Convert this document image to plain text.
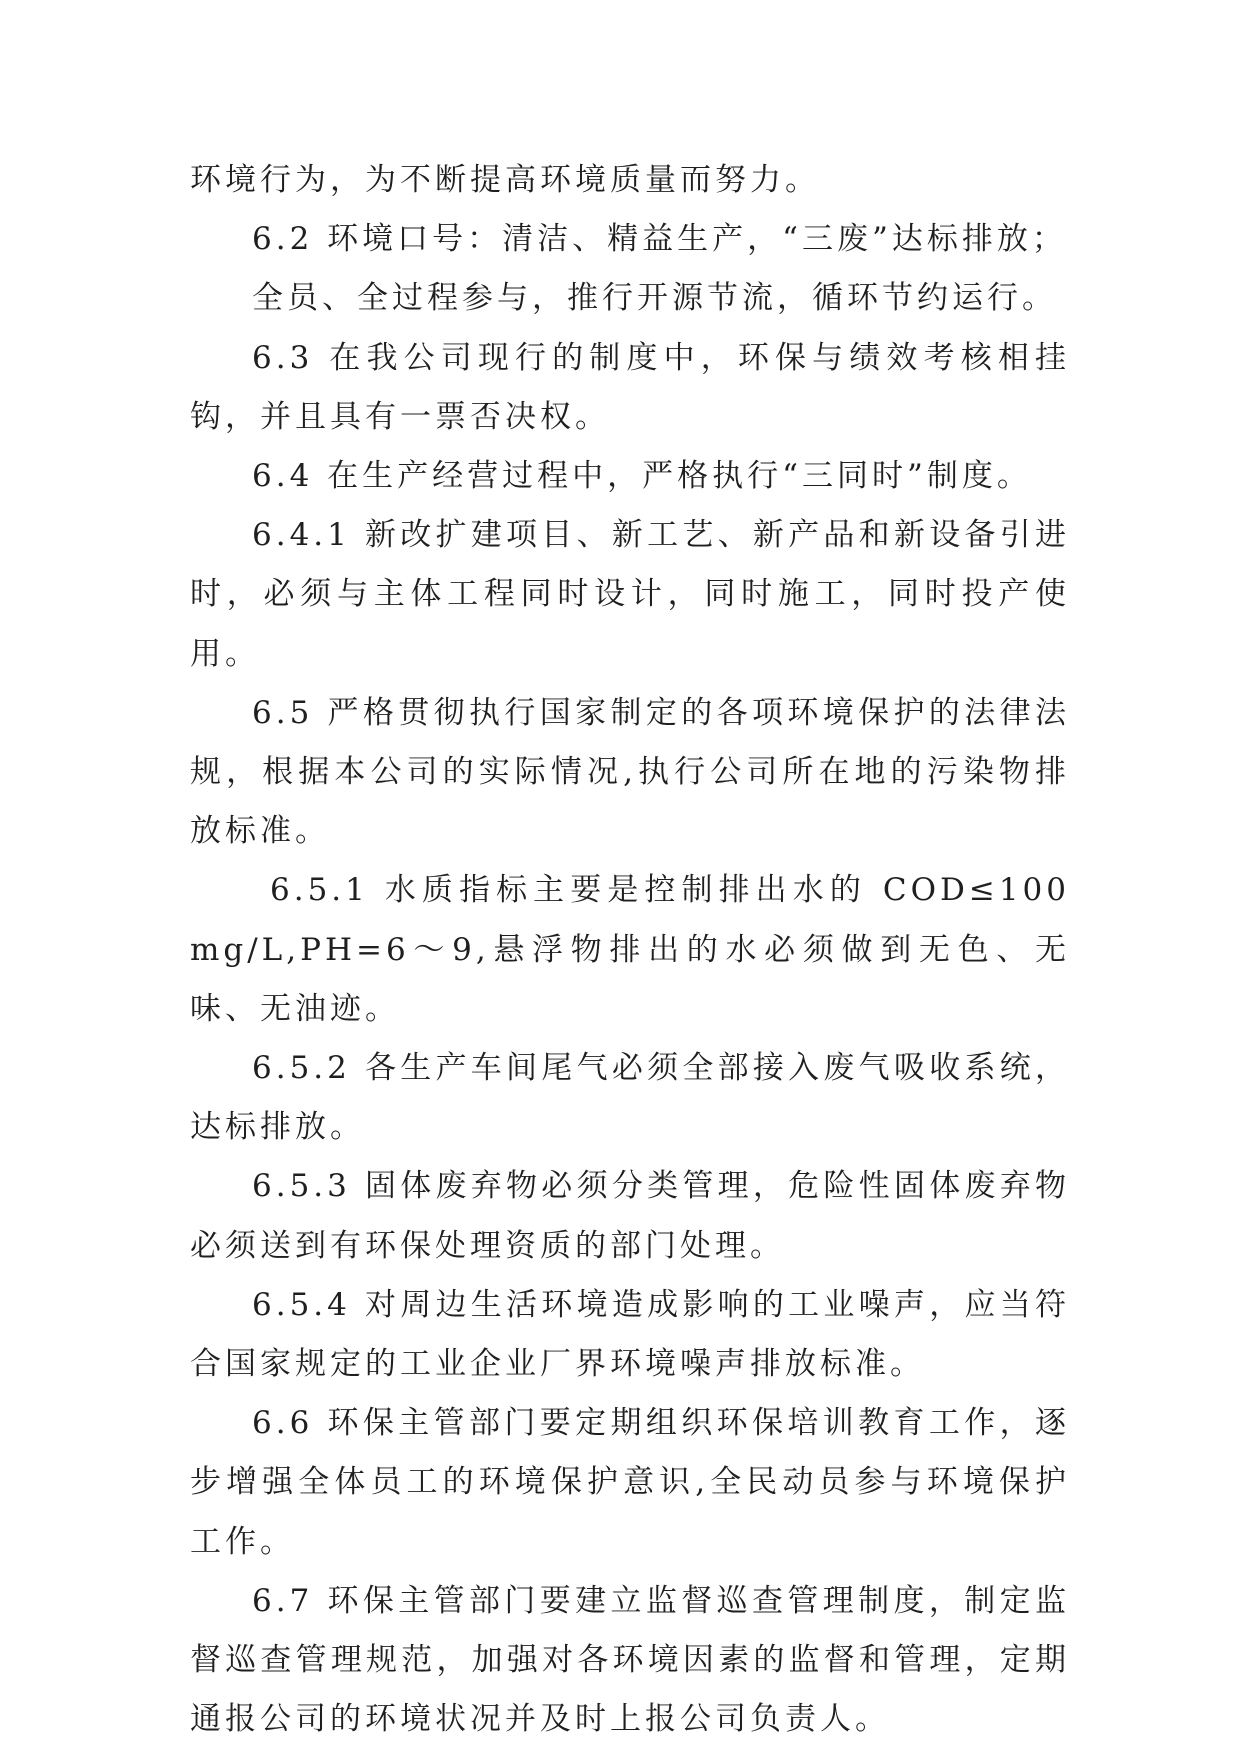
环境行为，为不断提高环境质量而努力。

6.2 环境口号：清洁、精益生产，“三废”达标排放；

全员、全过程参与，推行开源节流，循环节约运行。

6.3 在我公司现行的制度中，环保与绩效考核相挂钩，并且具有一票否决权。

6.4 在生产经营过程中，严格执行“三同时”制度。

6.4.1 新改扩建项目、新工艺、新产品和新设备引进时，必须与主体工程同时设计，同时施工，同时投产使用。

6.5 严格贯彻执行国家制定的各项环境保护的法律法规，根据本公司的实际情况,执行公司所在地的污染物排放标准。

6.5.1 水质指标主要是控制排出水的 COD≤100mg/L,PH=6～9,悬浮物排出的水必须做到无色、无味、无油迹。

6.5.2 各生产车间尾气必须全部接入废气吸收系统，达标排放。

6.5.3 固体废弃物必须分类管理，危险性固体废弃物必须送到有环保处理资质的部门处理。

6.5.4 对周边生活环境造成影响的工业噪声，应当符合国家规定的工业企业厂界环境噪声排放标准。

6.6 环保主管部门要定期组织环保培训教育工作，逐步增强全体员工的环境保护意识,全民动员参与环境保护工作。

6.7 环保主管部门要建立监督巡查管理制度，制定监督巡查管理规范，加强对各环境因素的监督和管理，定期通报公司的环境状况并及时上报公司负责人。
